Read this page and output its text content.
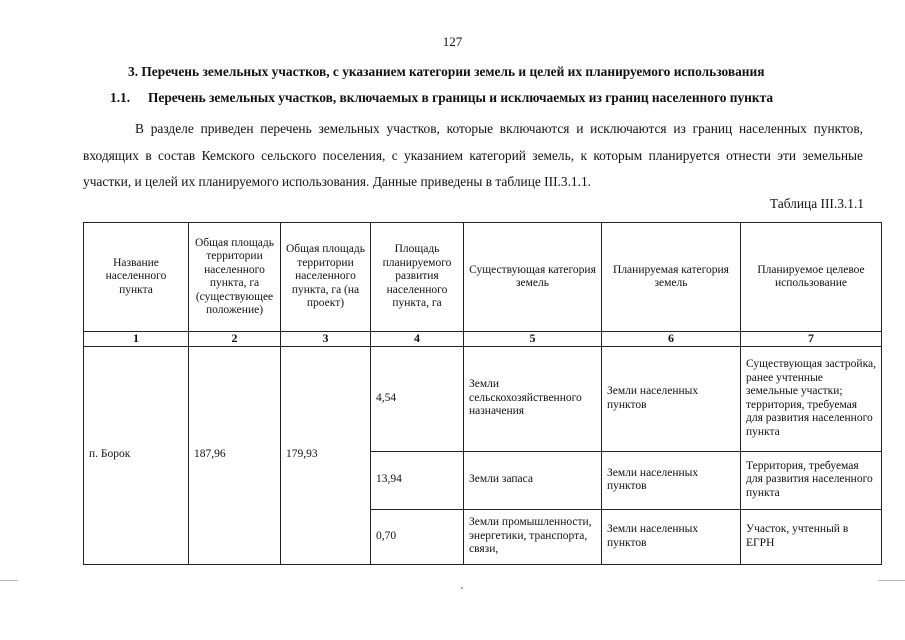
127
3. Перечень земельных участков, с указанием категории земель и целей их планируемого использования
1.1. Перечень земельных участков, включаемых в границы и исключаемых из границ населенного пункта
В разделе приведен перечень земельных участков, которые включаются и исключаются из границ населенных пунктов, входящих в состав Кемского сельского поселения, с указанием категорий земель, к которым планируется отнести эти земельные участки, и целей их планируемого использования. Данные приведены в таблице III.3.1.1.
Таблица III.3.1.1
Название населенного пункта	Общая площадь территории населенного пункта, га (существующее положение)	Общая площадь территории населенного пункта, га (на проект)	Площадь планируемого развития населенного пункта, га	Существующая категория земель	Планируемая категория земель	Планируемое целевое использование
1	2	3	4	5	6	7
п. Борок	187,96	179,93	4,54	Земли сельскохозяйственного назначения	Земли населенных пунктов	Существующая застройка, ранее учтенные земельные участки; территория, требуемая для развития населенного пункта
			13,94	Земли запаса	Земли населенных пунктов	Территория, требуемая для развития населенного пункта
			0,70	Земли промышленности, энергетики, транспорта, связи,	Земли населенных пунктов	Участок, учтенный в ЕГРН
